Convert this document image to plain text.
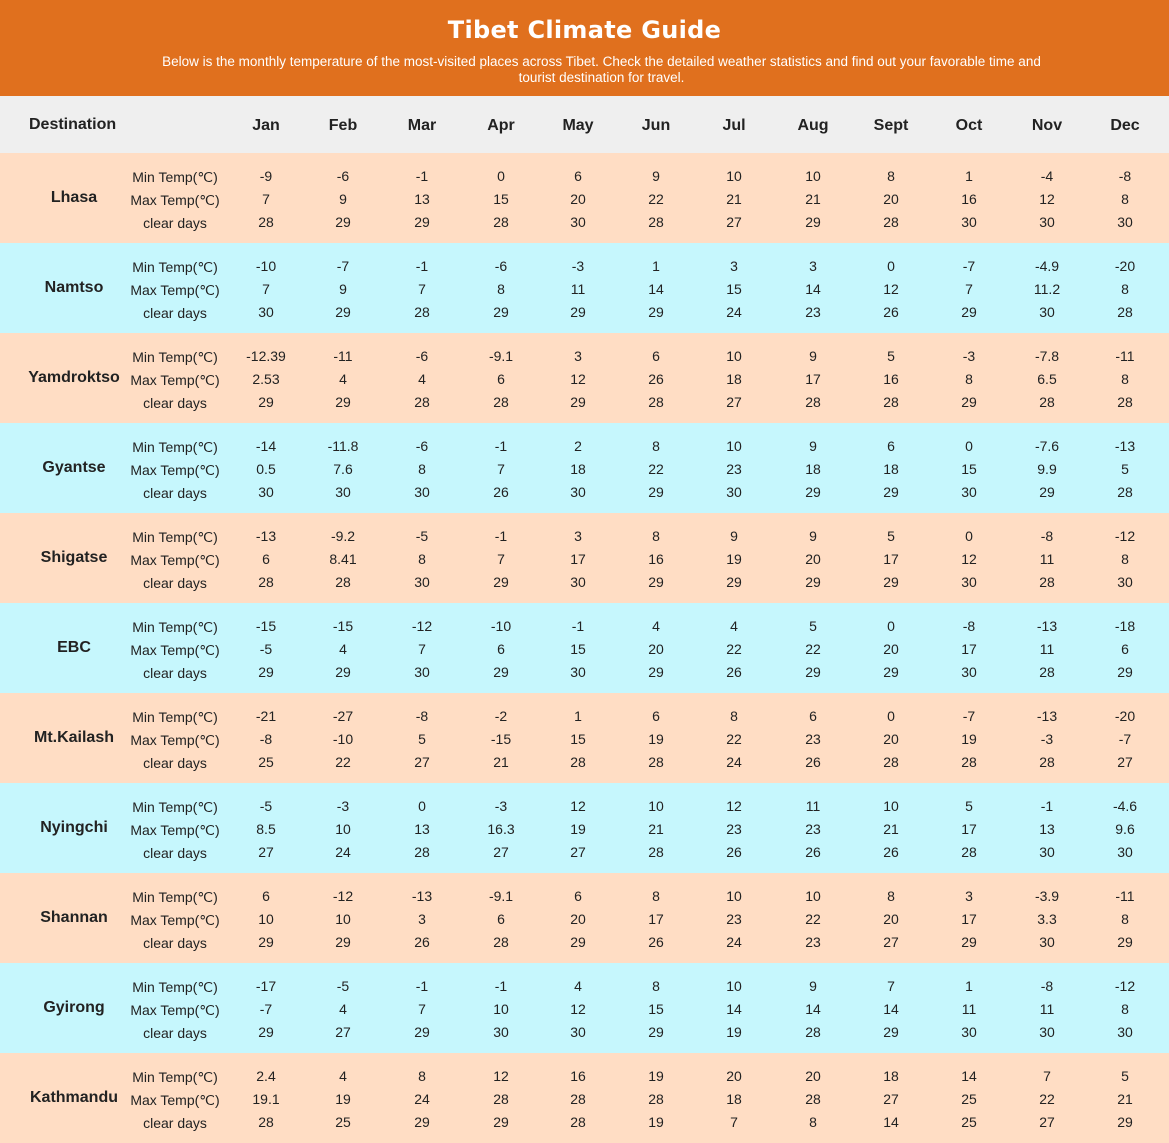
Tibet Climate Guide
Below is the monthly temperature of the most-visited places across Tibet. Check the detailed weather statistics and find out your favorable time and tourist destination for travel.
Destination	Jan	Feb	Mar	Apr	May	Jun	Jul	Aug	Sept	Oct	Nov	Dec
Lhasa
Min Temp(℃)	-9	-6	-1	0	6	9	10	10	8	1	-4	-8
Max Temp(℃)	7	9	13	15	20	22	21	21	20	16	12	8
clear days	28	29	29	28	30	28	27	29	28	30	30	30
Namtso
Min Temp(℃)	-10	-7	-1	-6	-3	1	3	3	0	-7	-4.9	-20
Max Temp(℃)	7	9	7	8	11	14	15	14	12	7	11.2	8
clear days	30	29	28	29	29	29	24	23	26	29	30	28
Yamdroktso
Min Temp(℃)	-12.39	-11	-6	-9.1	3	6	10	9	5	-3	-7.8	-11
Max Temp(℃)	2.53	4	4	6	12	26	18	17	16	8	6.5	8
clear days	29	29	28	28	29	28	27	28	28	29	28	28
Gyantse
Min Temp(℃)	-14	-11.8	-6	-1	2	8	10	9	6	0	-7.6	-13
Max Temp(℃)	0.5	7.6	8	7	18	22	23	18	18	15	9.9	5
clear days	30	30	30	26	30	29	30	29	29	30	29	28
Shigatse
Min Temp(℃)	-13	-9.2	-5	-1	3	8	9	9	5	0	-8	-12
Max Temp(℃)	6	8.41	8	7	17	16	19	20	17	12	11	8
clear days	28	28	30	29	30	29	29	29	29	30	28	30
EBC
Min Temp(℃)	-15	-15	-12	-10	-1	4	4	5	0	-8	-13	-18
Max Temp(℃)	-5	4	7	6	15	20	22	22	20	17	11	6
clear days	29	29	30	29	30	29	26	29	29	30	28	29
Mt.Kailash
Min Temp(℃)	-21	-27	-8	-2	1	6	8	6	0	-7	-13	-20
Max Temp(℃)	-8	-10	5	-15	15	19	22	23	20	19	-3	-7
clear days	25	22	27	21	28	28	24	26	28	28	28	27
Nyingchi
Min Temp(℃)	-5	-3	0	-3	12	10	12	11	10	5	-1	-4.6
Max Temp(℃)	8.5	10	13	16.3	19	21	23	23	21	17	13	9.6
clear days	27	24	28	27	27	28	26	26	26	28	30	30
Shannan
Min Temp(℃)	6	-12	-13	-9.1	6	8	10	10	8	3	-3.9	-11
Max Temp(℃)	10	10	3	6	20	17	23	22	20	17	3.3	8
clear days	29	29	26	28	29	26	24	23	27	29	30	29
Gyirong
Min Temp(℃)	-17	-5	-1	-1	4	8	10	9	7	1	-8	-12
Max Temp(℃)	-7	4	7	10	12	15	14	14	14	11	11	8
clear days	29	27	29	30	30	29	19	28	29	30	30	30
Kathmandu
Min Temp(℃)	2.4	4	8	12	16	19	20	20	18	14	7	5
Max Temp(℃)	19.1	19	24	28	28	28	18	28	27	25	22	21
clear days	28	25	29	29	28	19	7	8	14	25	27	29
